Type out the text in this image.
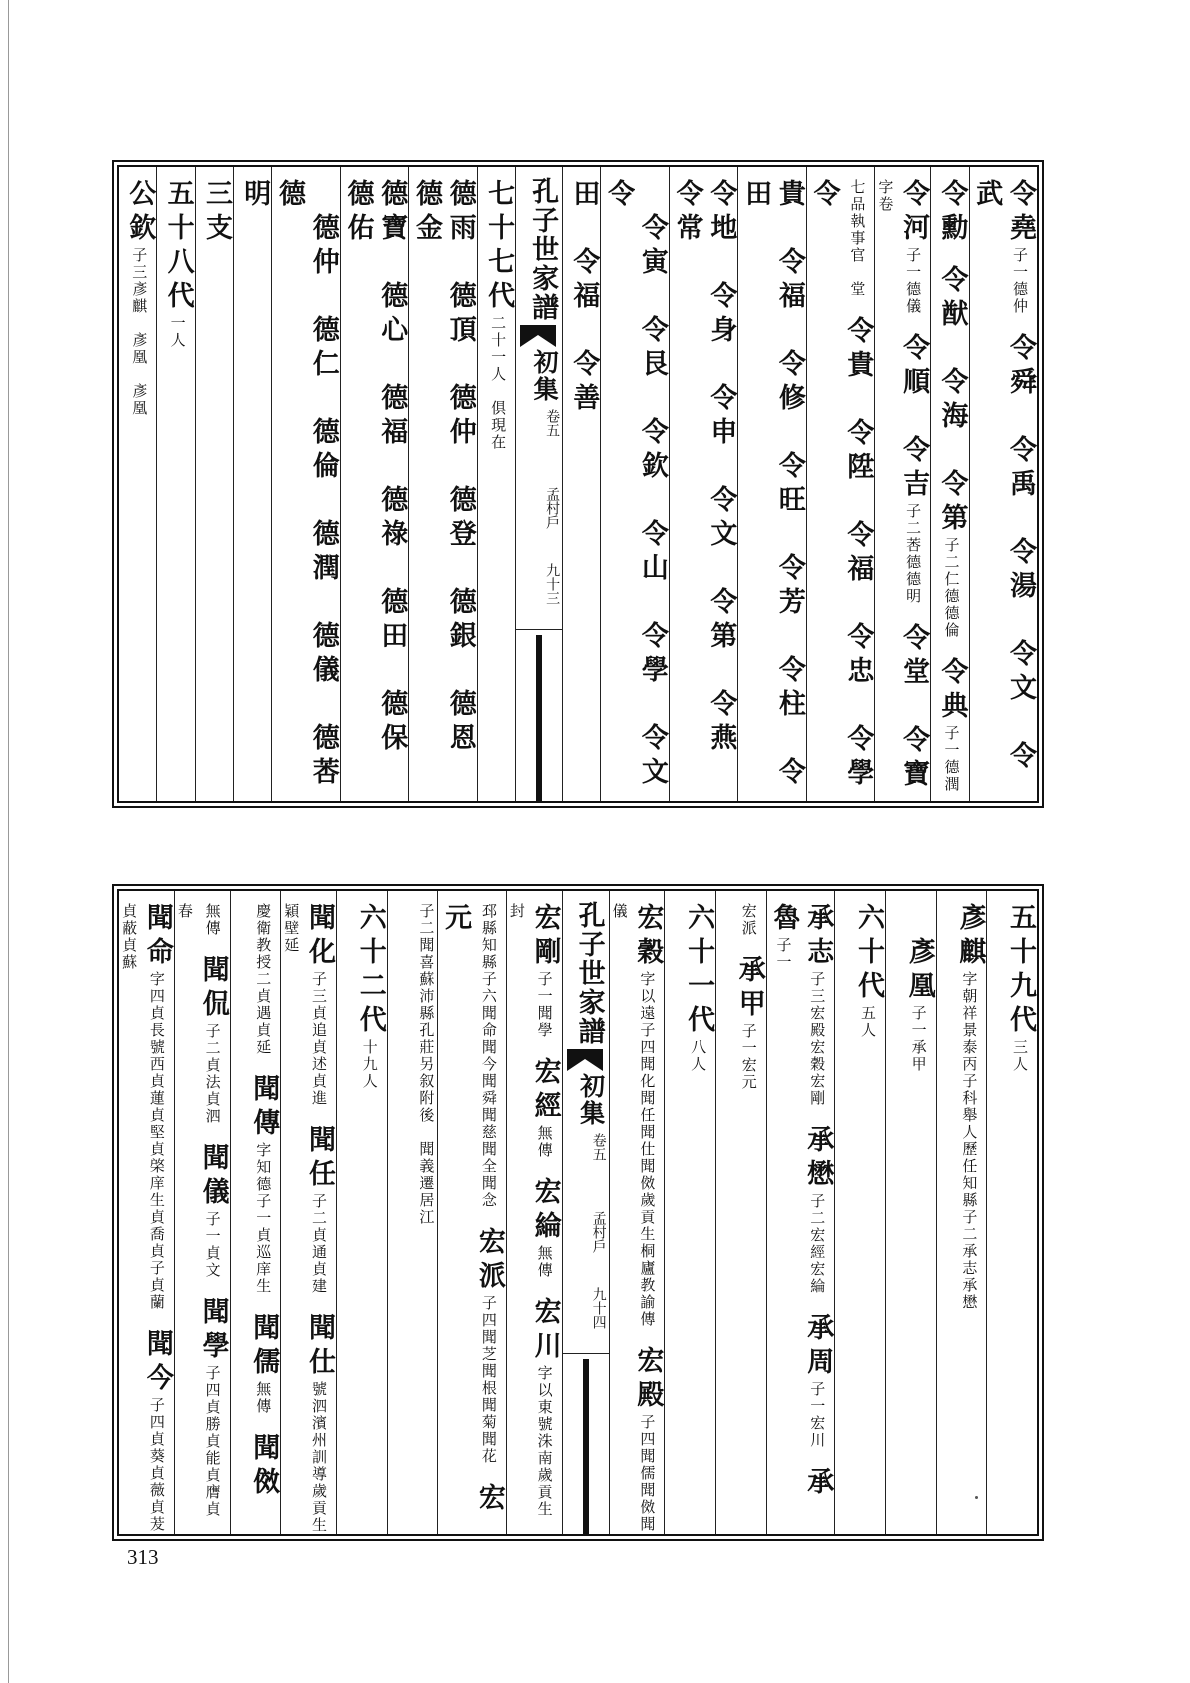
令堯子一德仲令舜　令禹　令湯　令文　令武
令勳令猷　令海　令第子二仁德德倫令典子一德潤
令河子一德儀令順　令吉子二莕德德明令堂　令寶字卷
七品執事官　堂令貴　令陞　令福　令忠　令學　令
貴　令福　令修　令旺　令芳　令柱　令田
令地　令身　令申　令文　令第　令燕　令常
　令寅　令艮　令欽　令山　令學　令文　令
田　令福　令善
孔子世家譜
初集
卷五
孟村戶
九十三
七十七代二十一人　俱現在
德雨　德頂　德仲　德登　德銀　德恩　德金
德寶　德心　德福　德祿　德田　德保　德佑
　德仲　德仁　德倫　德潤　德儀　德莕　德
明
三支
五十八代一人
公欽子三彥麒　彥凰　彥凰
五十九代三人
彥麒字朝祥景泰丙子科舉人歷任知縣子二承志承懋
　彥凰子一承甲
六十代五人
承志子三宏殿宏穀宏剛承懋子二宏經宏綸承周子一宏川承魯子一
宏派承甲子一宏元
六十一代八人
宏穀字以遠子四聞化聞任聞仕聞傚歲貢生桐廬教諭傳宏殿子四聞儒聞傚聞儀
孔子世家譜
初集
卷五
孟村戶
九十四
宏剛子一聞學宏經無傳宏綸無傳宏川字以東號洙南歲貢生封
邳縣知縣子六聞命聞今聞舜聞慈聞全聞念宏派子四聞芝聞根聞菊聞花宏元
子二聞喜蘇沛縣孔莊另叙附後　聞義遷居江
六十二代十九人
聞化子三貞追貞述貞進聞任子二貞通貞建聞仕號泗濱州訓導歲貢生穎壁延
慶衛教授二貞遇貞延聞傳字知德子一貞巡庠生聞儒無傳聞傚
無傳聞侃子二貞法貞泗聞儀子一貞文聞學子四貞勝貞能貞膺貞春
聞命字四貞長號西貞蓮貞堅貞棨庠生貞喬貞子貞蘭聞今子四貞葵貞薇貞茇貞蔽貞蘇
313
